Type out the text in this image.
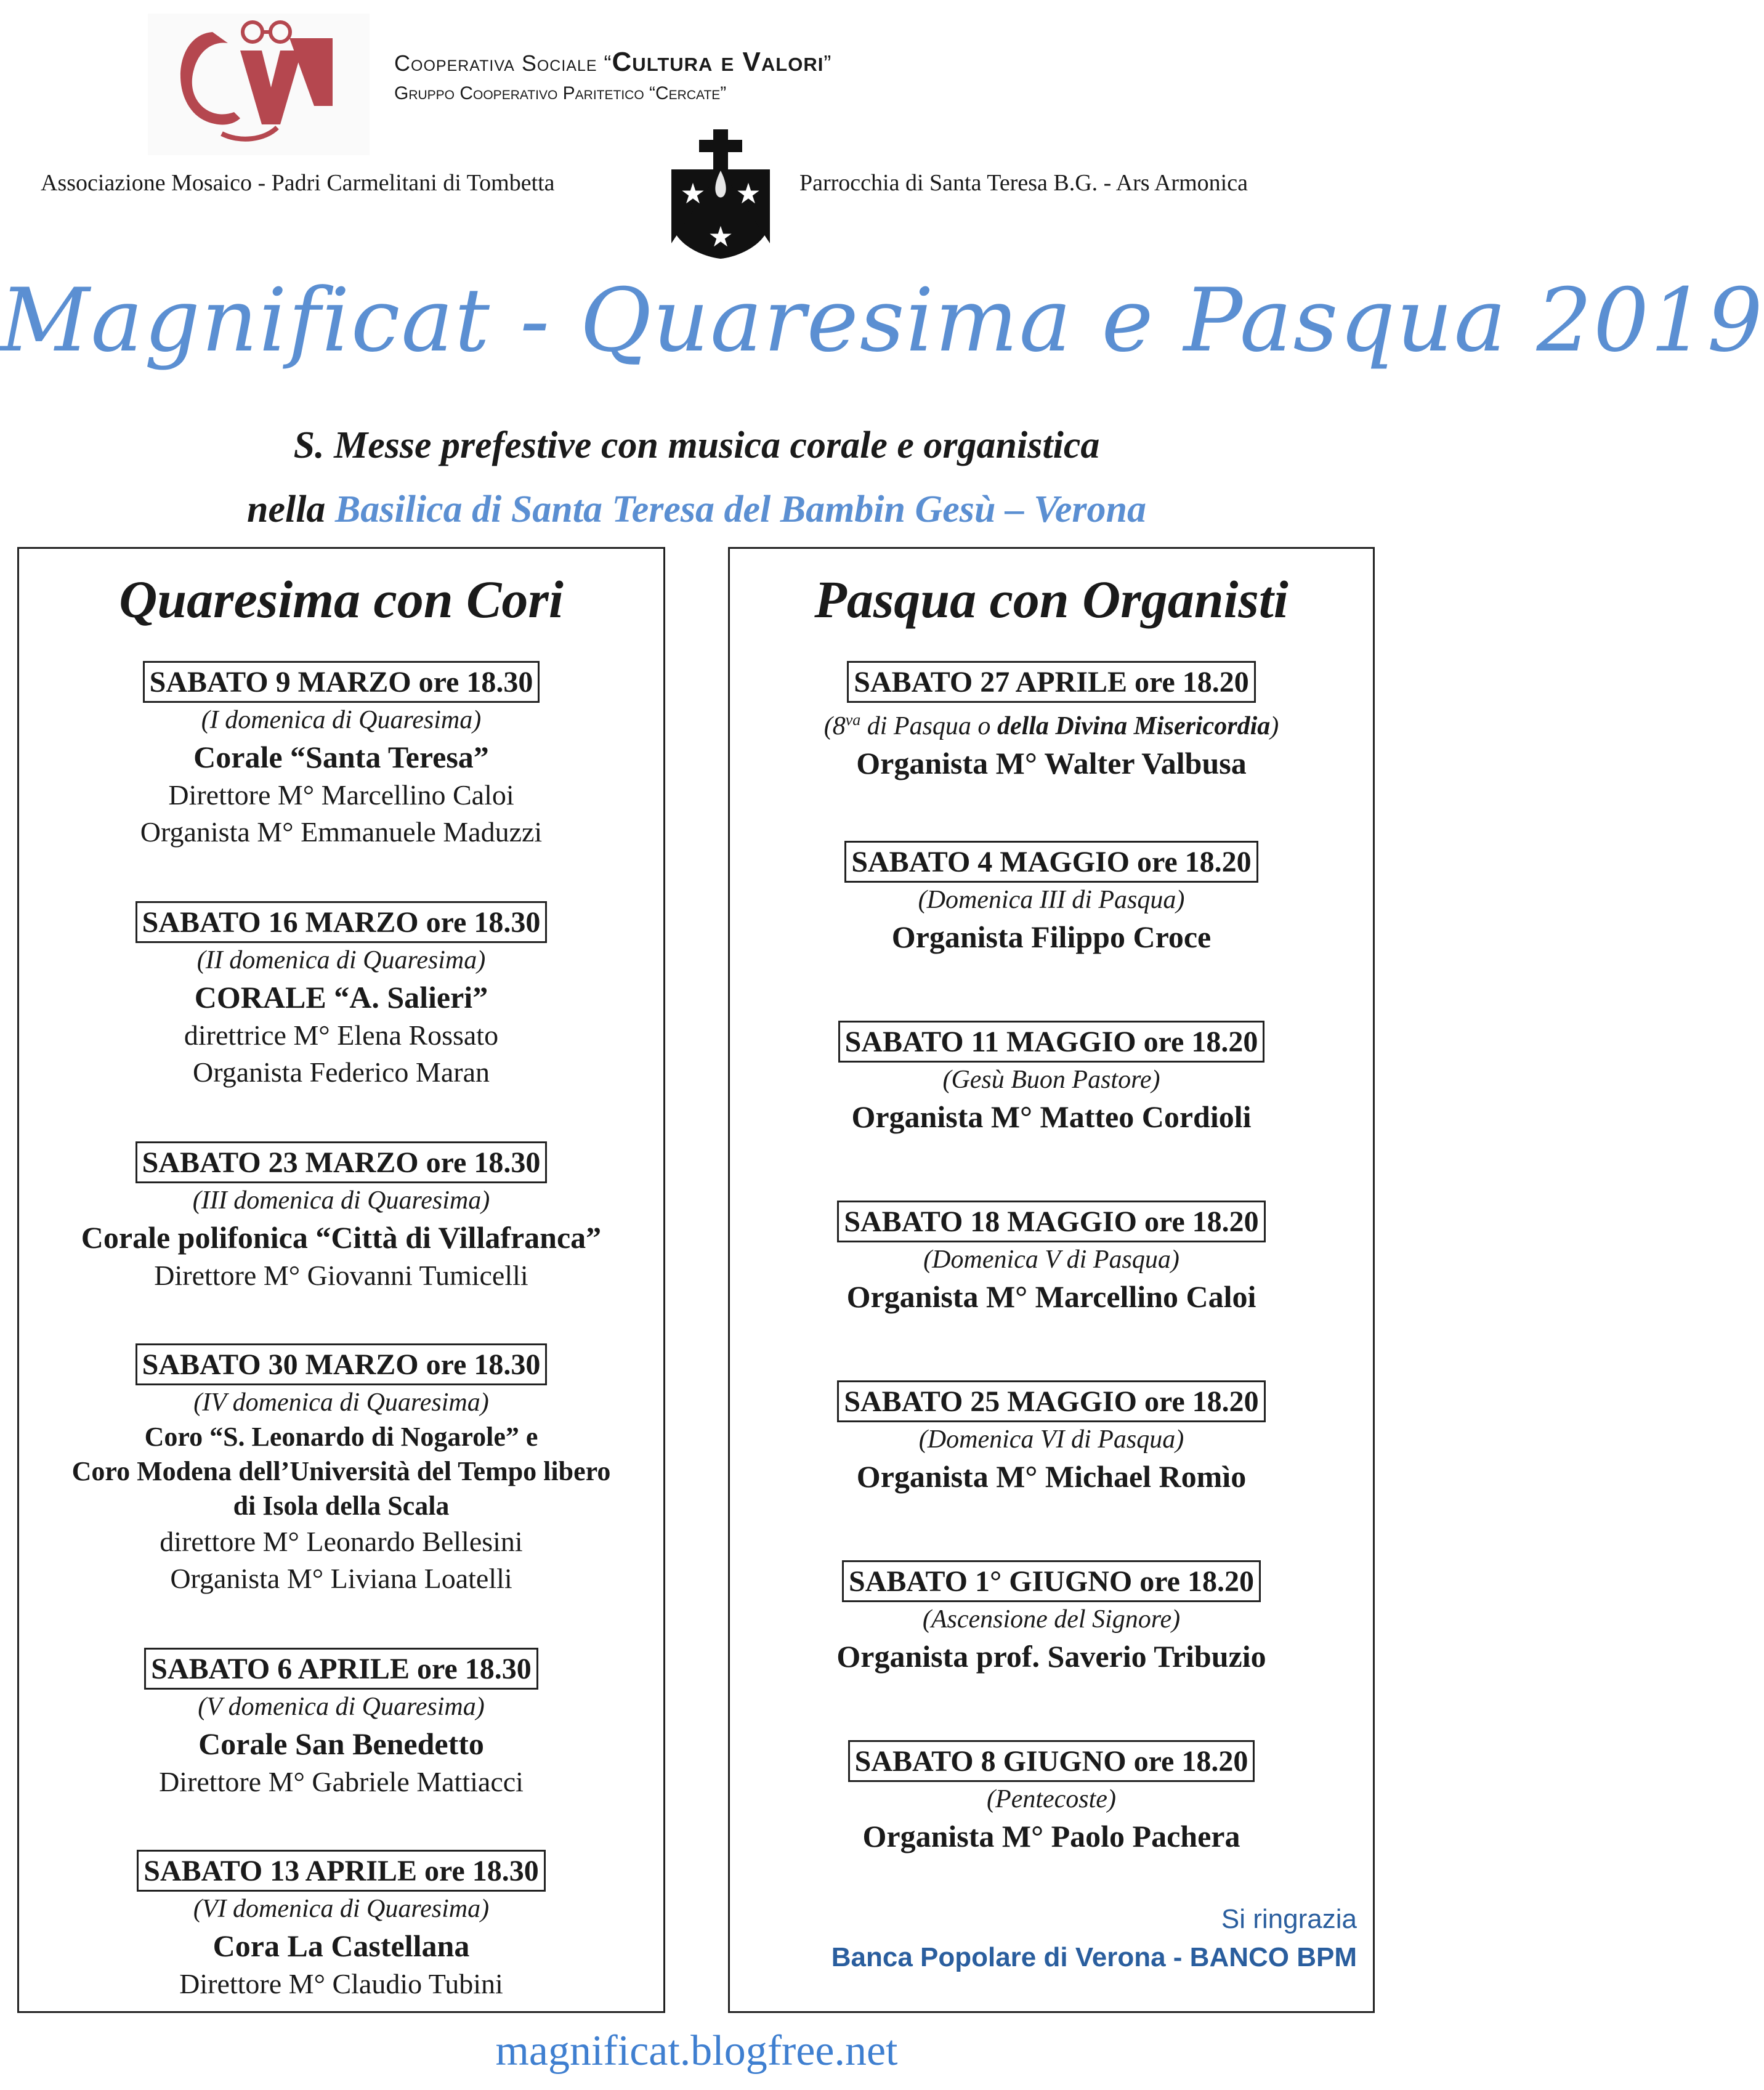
Cooperativa Sociale “Cultura e Valori”
Gruppo Cooperativo Paritetico “Cercate”
Associazione Mosaico - Padri Carmelitani di Tombetta	★ ★
★
Parrocchia di Santa Teresa B.G. - Ars Armonica
Magnificat - Quaresima e Pasqua 2019
S. Messe prefestive con musica corale e organistica
nella Basilica di Santa Teresa del Bambin Gesù – Verona
Quaresima con Cori
SABATO 9 MARZO ore 18.30
(I domenica di Quaresima)
Corale “Santa Teresa”
Direttore M° Marcellino Caloi
Organista M° Emmanuele Maduzzi
SABATO 16 MARZO ore 18.30
(II domenica di Quaresima)
CORALE “A. Salieri”
direttrice M° Elena Rossato
Organista Federico Maran
SABATO 23 MARZO ore 18.30
(III domenica di Quaresima)
Corale polifonica “Città di Villafranca”
Direttore M° Giovanni Tumicelli
SABATO 30 MARZO ore 18.30
(IV domenica di Quaresima)
Coro “S. Leonardo di Nogarole” e
Coro Modena dell’Università del Tempo libero
di Isola della Scala
direttore M° Leonardo Bellesini
Organista M° Liviana Loatelli
SABATO 6 APRILE ore 18.30
(V domenica di Quaresima)
Corale San Benedetto
Direttore M° Gabriele Mattiacci
SABATO 13 APRILE ore 18.30
(VI domenica di Quaresima)
Cora La Castellana
Direttore M° Claudio Tubini
Pasqua con Organisti
SABATO 27 APRILE ore 18.20
($8^{va}$ di Pasqua o della Divina Misericordia)
Organista M° Walter Valbusa
SABATO 4 MAGGIO ore 18.20
(Domenica III di Pasqua)
Organista Filippo Croce
SABATO 11 MAGGIO ore 18.20
(Gesù Buon Pastore)
Organista M° Matteo Cordioli
SABATO 18 MAGGIO ore 18.20
(Domenica V di Pasqua)
Organista M° Marcellino Caloi
SABATO 25 MAGGIO ore 18.20
(Domenica VI di Pasqua)
Organista M° Michael Romìo
SABATO 1° GIUGNO ore 18.20
(Ascensione del Signore)
Organista prof. Saverio Tribuzio
SABATO 8 GIUGNO ore 18.20
(Pentecoste)
Organista M° Paolo Pachera
Si ringrazia
Banca Popolare di Verona - BANCO BPM
magnificat.blogfree.net
